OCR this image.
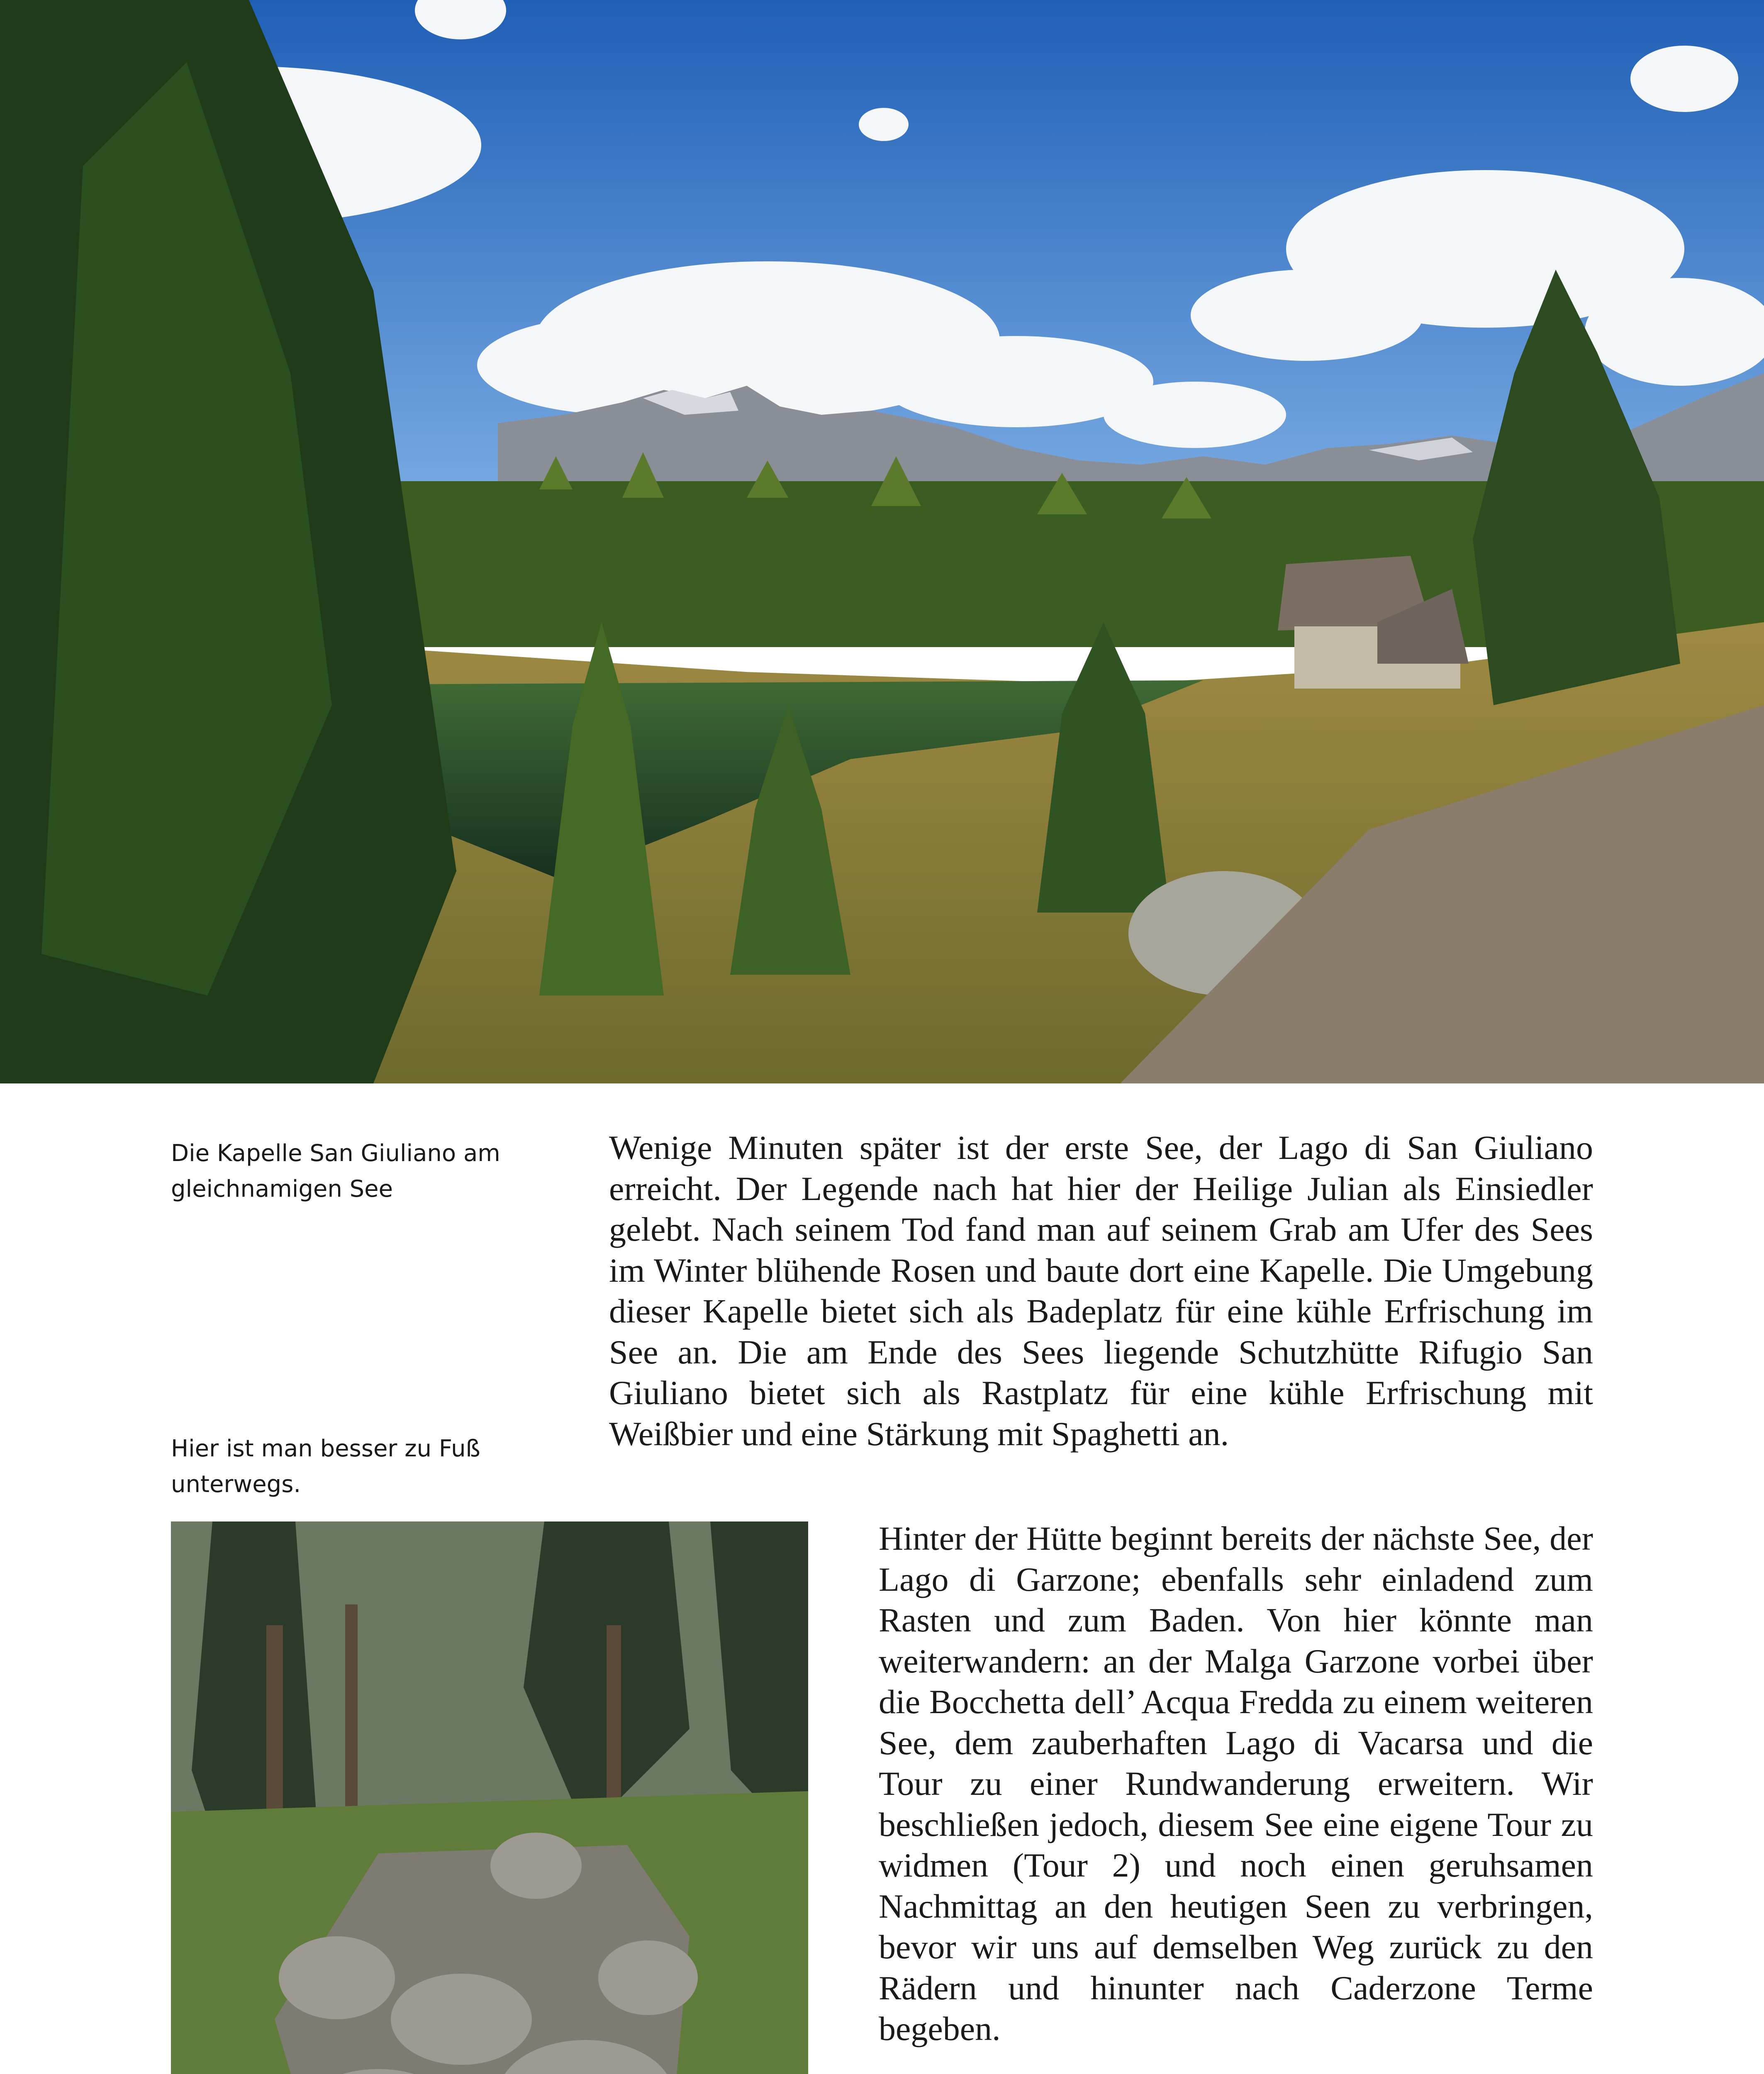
Die Kapelle San Giuliano am gleichnamigen See
Hier ist man besser zu Fuß unterwegs.

Wenige Minuten später ist der erste See, der Lago di San Giuliano erreicht. Der Legende nach hat hier der Heilige Julian als Einsiedler gelebt. Nach seinem Tod fand man auf seinem Grab am Ufer des Sees im Winter blühende Rosen und baute dort eine Kapelle. Die Umgebung dieser Kapelle bietet sich als Badeplatz für eine kühle Erfrischung im See an. Die am Ende des Sees liegende Schutzhütte Rifugio San Giuliano bietet sich als Rastplatz für eine kühle Erfrischung mit Weißbier und eine Stärkung mit Spaghetti an.

Hinter der Hütte beginnt bereits der nächste See, der Lago di Garzone; ebenfalls sehr einladend zum Rasten und zum Baden. Von hier könnte man weiterwandern: an der Malga Garzone vorbei über die Bocchetta dell’ Acqua Fredda zu einem weiteren See, dem zauberhaften Lago di Vacarsa und die Tour zu einer Rundwanderung erweitern. Wir beschließen jedoch, diesem See eine eigene Tour zu widmen (Tour 2) und noch einen geruhsamen Nachmittag an den heutigen Seen zu verbringen, bevor wir uns auf demselben Weg zurück zu den Rädern und hinunter nach Caderzone Terme begeben.
